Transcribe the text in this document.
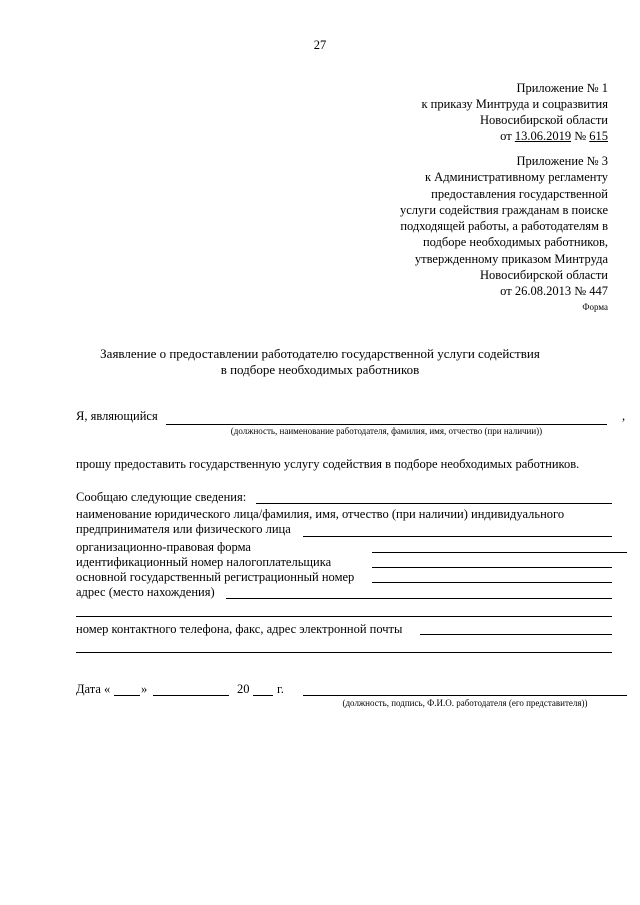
27
Приложение № 1
к приказу Минтруда и соцразвития
Новосибирской области
от 13.06.2019 № 615
Приложение № 3
к Административному регламенту
предоставления государственной
услуги содействия гражданам в поиске
подходящей работы, а работодателям в
подборе необходимых работников,
утвержденному приказом Минтруда
Новосибирской области
от 26.08.2013 № 447
Форма
Заявление о предоставлении работодателю государственной услуги содействия
в подборе необходимых работников
Я, являющийся	,
(должность, наименование работодателя, фамилия, имя, отчество (при наличии))
прошу предоставить государственную услугу содействия в подборе необходимых работников.
Сообщаю следующие сведения:
наименование юридического лица/фамилия, имя, отчество (при наличии) индивидуального
предпринимателя или физического лица
организационно-правовая форма
идентификационный номер налогоплательщика
основной государственный регистрационный номер
адрес (место нахождения)
номер контактного телефона, факс, адрес электронной почты
Дата « »	20 г.
(должность, подпись, Ф.И.О. работодателя (его представителя))
